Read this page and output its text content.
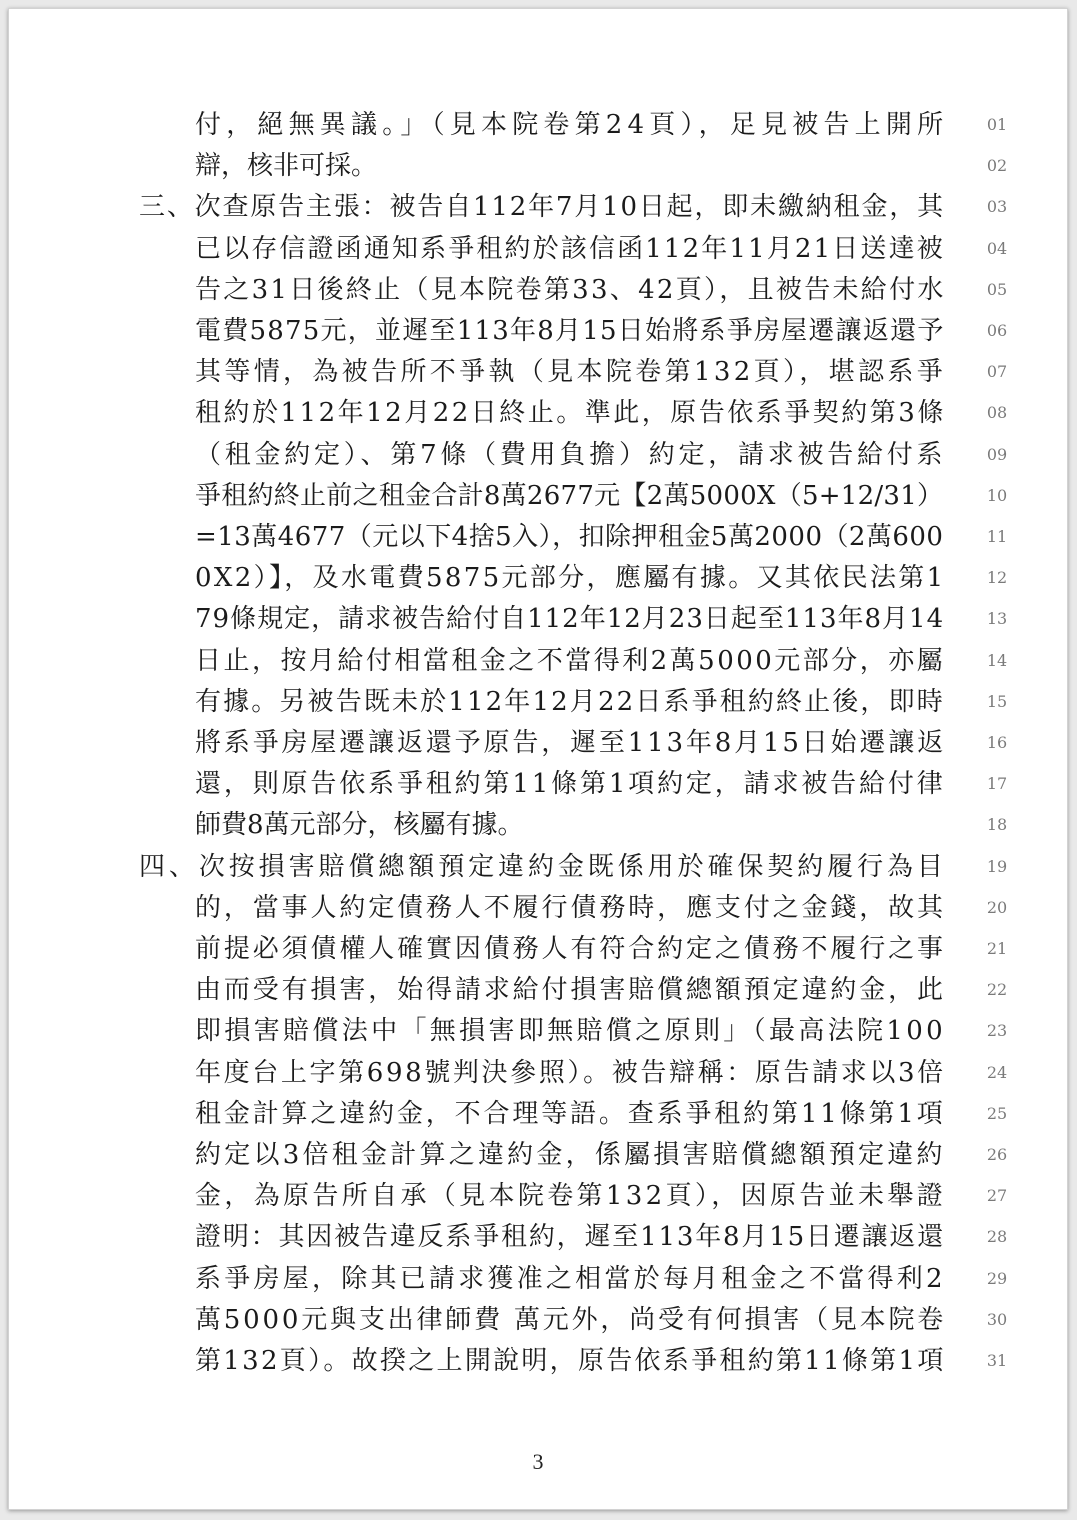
付，絕無異議。」（見本院卷第24頁），足見被告上開所	01
辯，核非可採。	02
三、次查原告主張：被告自112年7月10日起，即未繳納租金，其	03
已以存信證函通知系爭租約於該信函112年11月21日送達被	04
告之31日後終止（見本院卷第33、42頁），且被告未給付水	05
電費5875元，並遲至113年8月15日始將系爭房屋遷讓返還予	06
其等情，為被告所不爭執（見本院卷第132頁），堪認系爭	07
租約於112年12月22日終止。準此，原告依系爭契約第3條	08
（租金約定）、第7條（費用負擔）約定，請求被告給付系	09
爭租約終止前之租金合計8萬2677元【2萬5000X（5+12/31）	10
=13萬4677（元以下4捨5入），扣除押租金5萬2000（2萬600	11
0X2）】，及水電費5875元部分，應屬有據。又其依民法第1	12
79條規定，請求被告給付自112年12月23日起至113年8月14	13
日止，按月給付相當租金之不當得利2萬5000元部分，亦屬	14
有據。另被告既未於112年12月22日系爭租約終止後，即時	15
將系爭房屋遷讓返還予原告，遲至113年8月15日始遷讓返	16
還，則原告依系爭租約第11條第1項約定，請求被告給付律	17
師費8萬元部分，核屬有據。	18
四、次按損害賠償總額預定違約金既係用於確保契約履行為目	19
的，當事人約定債務人不履行債務時，應支付之金錢，故其	20
前提必須債權人確實因債務人有符合約定之債務不履行之事	21
由而受有損害，始得請求給付損害賠償總額預定違約金，此	22
即損害賠償法中「無損害即無賠償之原則」（最高法院100	23
年度台上字第698號判決參照）。被告辯稱：原告請求以3倍	24
租金計算之違約金，不合理等語。查系爭租約第11條第1項	25
約定以3倍租金計算之違約金，係屬損害賠償總額預定違約	26
金，為原告所自承（見本院卷第132頁），因原告並未舉證	27
證明：其因被告違反系爭租約，遲至113年8月15日遷讓返還	28
系爭房屋，除其已請求獲准之相當於每月租金之不當得利2	29
萬5000元與支出律師費 萬元外，尚受有何損害（見本院卷	30
第132頁）。故揆之上開說明，原告依系爭租約第11條第1項	31
3
